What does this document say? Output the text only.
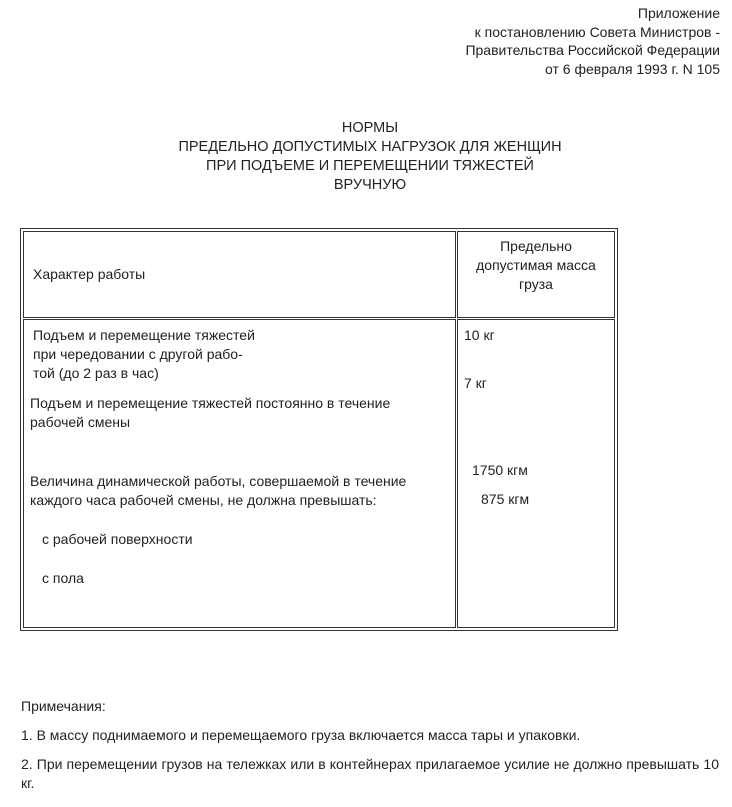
Приложение
к постановлению Совета Министров -
Правительства Российской Федерации
от 6 февраля 1993 г. N 105
НОРМЫ
ПРЕДЕЛЬНО ДОПУСТИМЫХ НАГРУЗОК ДЛЯ ЖЕНЩИН
ПРИ ПОДЪЕМЕ И ПЕРЕМЕЩЕНИИ ТЯЖЕСТЕЙ
ВРУЧНУЮ
Характер работы
Предельно
допустимая масса
груза
Подъем и перемещение тяжестей
при чередовании с другой рабо-
той (до 2 раз в час)
Подъем и перемещение тяжестей постоянно в течение
рабочей смены
Величина динамической работы, совершаемой в течение
каждого часа рабочей смены, не должна превышать:
с рабочей поверхности
с пола
10 кг
7 кг
1750 кгм
875 кгм
Примечания:
1. В массу поднимаемого и перемещаемого груза включается масса тары и упаковки.
2. При перемещении грузов на тележках или в контейнерах прилагаемое усилие не должно превышать 10 кг.
